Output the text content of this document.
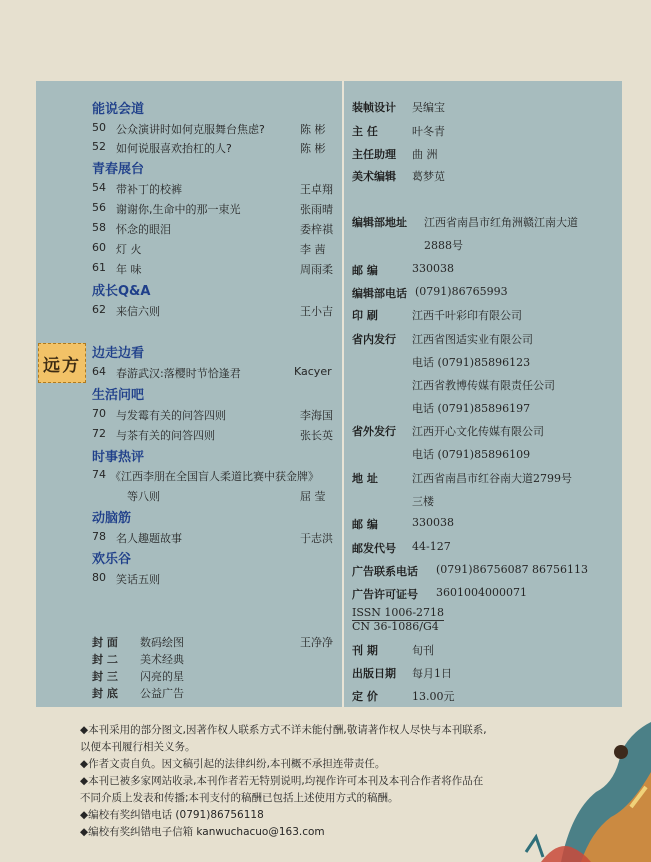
远方
能说会道
50 公众演讲时如何克服舞台焦虑?	陈 彬
52 如何说服喜欢抬杠的人?	陈 彬
青春展台
54 带补丁的校裤	王卓翔
56 谢谢你,生命中的那一束光	张雨晴
58 怀念的眼泪	委梓祺
60 灯 火	李 茜
61 年 味	周雨柔
成长Q&A
62 来信六则	王小吉
边走边看
64 春游武汉:落樱时节恰逢君	Kacyer
生活问吧
70 与发霉有关的问答四则	李海国
72 与茶有关的问答四则	张长英
时事热评
74 《江西李朋在全国盲人柔道比赛中获金牌》
等八则	屈 莹
动脑筋
78 名人趣题故事	于志洪
欢乐谷
80 笑话五则
封 面 数码绘图	王净净
封 二 美术经典
封 三 闪亮的星
封 底 公益广告
装帧设计 吴编宝
主 任	叶冬青
主任助理 曲 洲
美术编辑 葛梦苋
编辑部地址 江西省南昌市红角洲赣江南大道
2888号
邮 编	330038
编辑部电话 (0791)86765993
印 刷	江西千叶彩印有限公司
省内发行 江西省图适实业有限公司
电话 (0791)85896123
江西省教博传媒有限责任公司
电话 (0791)85896197
省外发行 江西开心文化传媒有限公司
电话 (0791)85896109
地 址	江西省南昌市红谷南大道2799号
三楼
邮 编	330038
邮发代号 44-127
广告联系电话 (0791)86756087 86756113
广告许可证号 3601004000071
ISSN 1006-2718
CN 36-1086/G4
刊 期	旬刊
出版日期 每月1日
定 价	13.00元
◆本刊采用的部分图文,因著作权人联系方式不详未能付酬,敬请著作权人尽快与本刊联系,
以便本刊履行相关义务。
◆作者文责自负。因文稿引起的法律纠纷,本刊概不承担连带责任。
◆本刊已被多家网站收录,本刊作者若无特别说明,均视作许可本刊及本刊合作者将作品在
不同介质上发表和传播;本刊支付的稿酬已包括上述使用方式的稿酬。
◆编校有奖纠错电话 (0791)86756118
◆编校有奖纠错电子信箱 kanwuchacuo@163.com
